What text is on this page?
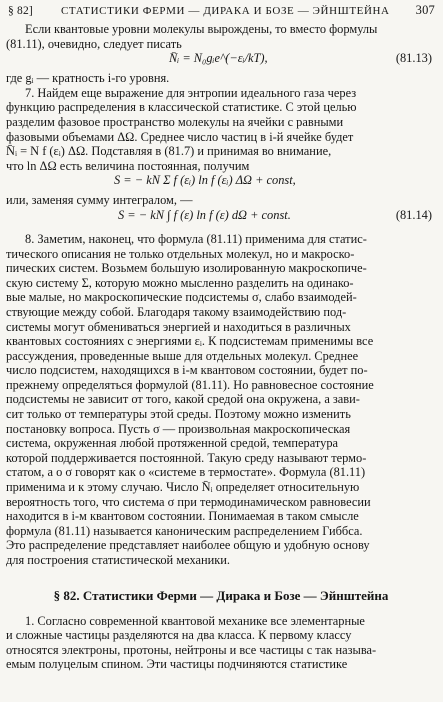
§ 82]	СТАТИСТИКИ ФЕРМИ — ДИРАКА И БОЗЕ — ЭЙНШТЕЙНА 307
Если квантовые уровни молекулы вырождены, то вместо формулы
(81.11), очевидно, следует писать
N̄ᵢ = N₀gᵢe^(−εᵢ/kT),	(81.13)
где gᵢ — кратность i-го уровня.
7. Найдем еще выражение для энтропии идеального газа через
функцию распределения в классической статистике. С этой целью
разделим фазовое пространство молекулы на ячейки с равными
фазовыми объемами ΔΩ. Среднее число частиц в i-й ячейке будет
N̄ᵢ = N f (εᵢ) ΔΩ. Подставляя в (81.7) и принимая во внимание,
что ln ΔΩ есть величина постоянная, получим
S = − kN Σ f (εᵢ) ln f (εᵢ) ΔΩ + const,
или, заменяя сумму интегралом, —
S = − kN ∫ f (ε) ln f (ε) dΩ + const.	(81.14)
8. Заметим, наконец, что формула (81.11) применима для статис-
тического описания не только отдельных молекул, но и макроско-
пических систем. Возьмем большую изолированную макроскопиче-
скую систему Σ, которую можно мысленно разделить на одинако-
вые малые, но макроскопические подсистемы σ, слабо взаимодей-
ствующие между собой. Благодаря такому взаимодействию под-
системы могут обмениваться энергией и находиться в различных
квантовых состояниях с энергиями εᵢ. К подсистемам применимы все
рассуждения, проведенные выше для отдельных молекул. Среднее
число подсистем, находящихся в i-м квантовом состоянии, будет по-
прежнему определяться формулой (81.11). Но равновесное состояние
подсистемы не зависит от того, какой средой она окружена, а зави-
сит только от температуры этой среды. Поэтому можно изменить
постановку вопроса. Пусть σ — произвольная макроскопическая
система, окруженная любой протяженной средой, температура
которой поддерживается постоянной. Такую среду называют термо-
статом, а о σ говорят как о «системе в термостате». Формула (81.11)
применима и к этому случаю. Число N̄ᵢ определяет относительную
вероятность того, что система σ при термодинамическом равновесии
находится в i-м квантовом состоянии. Понимаемая в таком смысле
формула (81.11) называется каноническим распределением Гиббса.
Это распределение представляет наиболее общую и удобную основу
для построения статистической механики.
§ 82. Статистики Ферми — Дирака и Бозе — Эйнштейна
1. Согласно современной квантовой механике все элементарные
и сложные частицы разделяются на два класса. К первому классу
относятся электроны, протоны, нейтроны и все частицы с так называ-
емым полуцелым спином. Эти частицы подчиняются статистике
